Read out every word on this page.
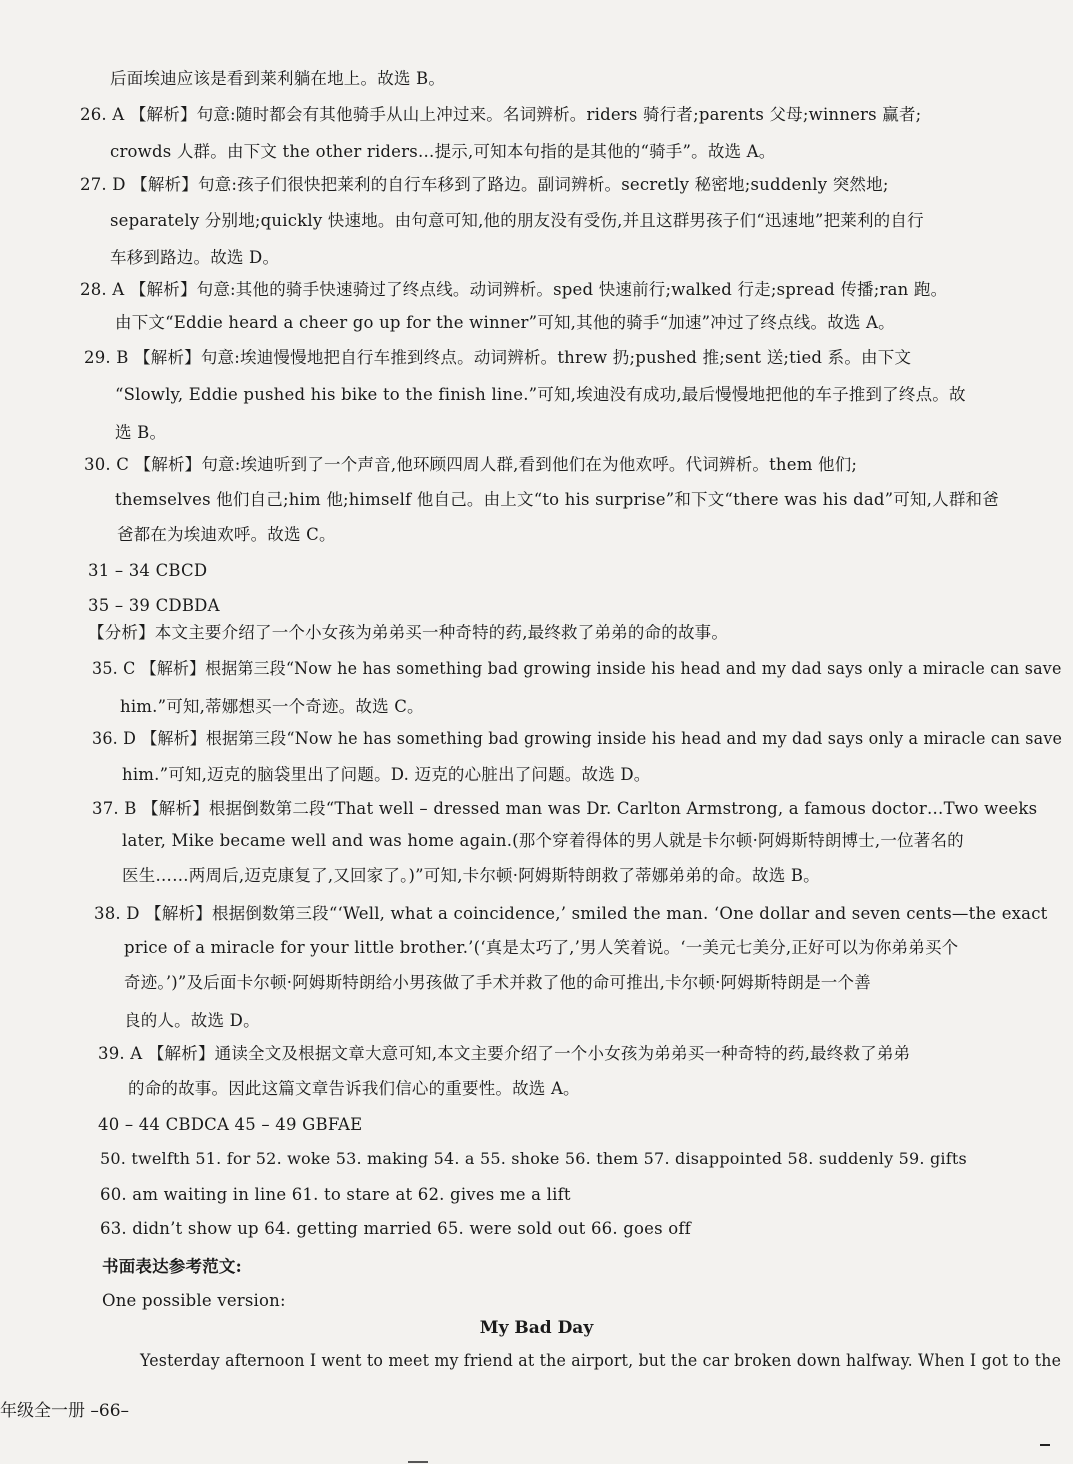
后面埃迪应该是看到莱利躺在地上。故选 B。
26. A 【解析】句意:随时都会有其他骑手从山上冲过来。名词辨析。riders 骑行者;parents 父母;winners 赢者;
crowds 人群。由下文 the other riders…提示,可知本句指的是其他的“骑手”。故选 A。
27. D 【解析】句意:孩子们很快把莱利的自行车移到了路边。副词辨析。secretly 秘密地;suddenly 突然地;
separately 分别地;quickly 快速地。由句意可知,他的朋友没有受伤,并且这群男孩子们“迅速地”把莱利的自行
车移到路边。故选 D。
28. A 【解析】句意:其他的骑手快速骑过了终点线。动词辨析。sped 快速前行;walked 行走;spread 传播;ran 跑。
由下文“Eddie heard a cheer go up for the winner”可知,其他的骑手“加速”冲过了终点线。故选 A。
29. B 【解析】句意:埃迪慢慢地把自行车推到终点。动词辨析。threw 扔;pushed 推;sent 送;tied 系。由下文
“Slowly, Eddie pushed his bike to the finish line.”可知,埃迪没有成功,最后慢慢地把他的车子推到了终点。故
选 B。
30. C 【解析】句意:埃迪听到了一个声音,他环顾四周人群,看到他们在为他欢呼。代词辨析。them 他们;
themselves 他们自己;him 他;himself 他自己。由上文“to his surprise”和下文“there was his dad”可知,人群和爸
爸都在为埃迪欢呼。故选 C。
31 – 34 CBCD
35 – 39 CDBDA
【分析】本文主要介绍了一个小女孩为弟弟买一种奇特的药,最终救了弟弟的命的故事。
35. C 【解析】根据第三段“Now he has something bad growing inside his head and my dad says only a miracle can save
him.”可知,蒂娜想买一个奇迹。故选 C。
36. D 【解析】根据第三段“Now he has something bad growing inside his head and my dad says only a miracle can save
him.”可知,迈克的脑袋里出了问题。D. 迈克的心脏出了问题。故选 D。
37. B 【解析】根据倒数第二段“That well – dressed man was Dr. Carlton Armstrong, a famous doctor…Two weeks
later, Mike became well and was home again.(那个穿着得体的男人就是卡尔顿·阿姆斯特朗博士,一位著名的
医生……两周后,迈克康复了,又回家了。)”可知,卡尔顿·阿姆斯特朗救了蒂娜弟弟的命。故选 B。
38. D 【解析】根据倒数第三段“‘Well, what a coincidence,’ smiled the man. ‘One dollar and seven cents—the exact
price of a miracle for your little brother.’(‘真是太巧了,’男人笑着说。‘一美元七美分,正好可以为你弟弟买个
奇迹。’)”及后面卡尔顿·阿姆斯特朗给小男孩做了手术并救了他的命可推出,卡尔顿·阿姆斯特朗是一个善
良的人。故选 D。
39. A 【解析】通读全文及根据文章大意可知,本文主要介绍了一个小女孩为弟弟买一种奇特的药,最终救了弟弟
的命的故事。因此这篇文章告诉我们信心的重要性。故选 A。
40 – 44 CBDCA 45 – 49 GBFAE
50. twelfth 51. for 52. woke 53. making 54. a 55. shoke 56. them 57. disappointed 58. suddenly 59. gifts
60. am waiting in line 61. to stare at 62. gives me a lift
63. didn’t show up 64. getting married 65. were sold out 66. goes off
书面表达参考范文:
One possible version:
My Bad Day
Yesterday afternoon I went to meet my friend at the airport, but the car broken down halfway. When I got to the
年级全一册 –66–
